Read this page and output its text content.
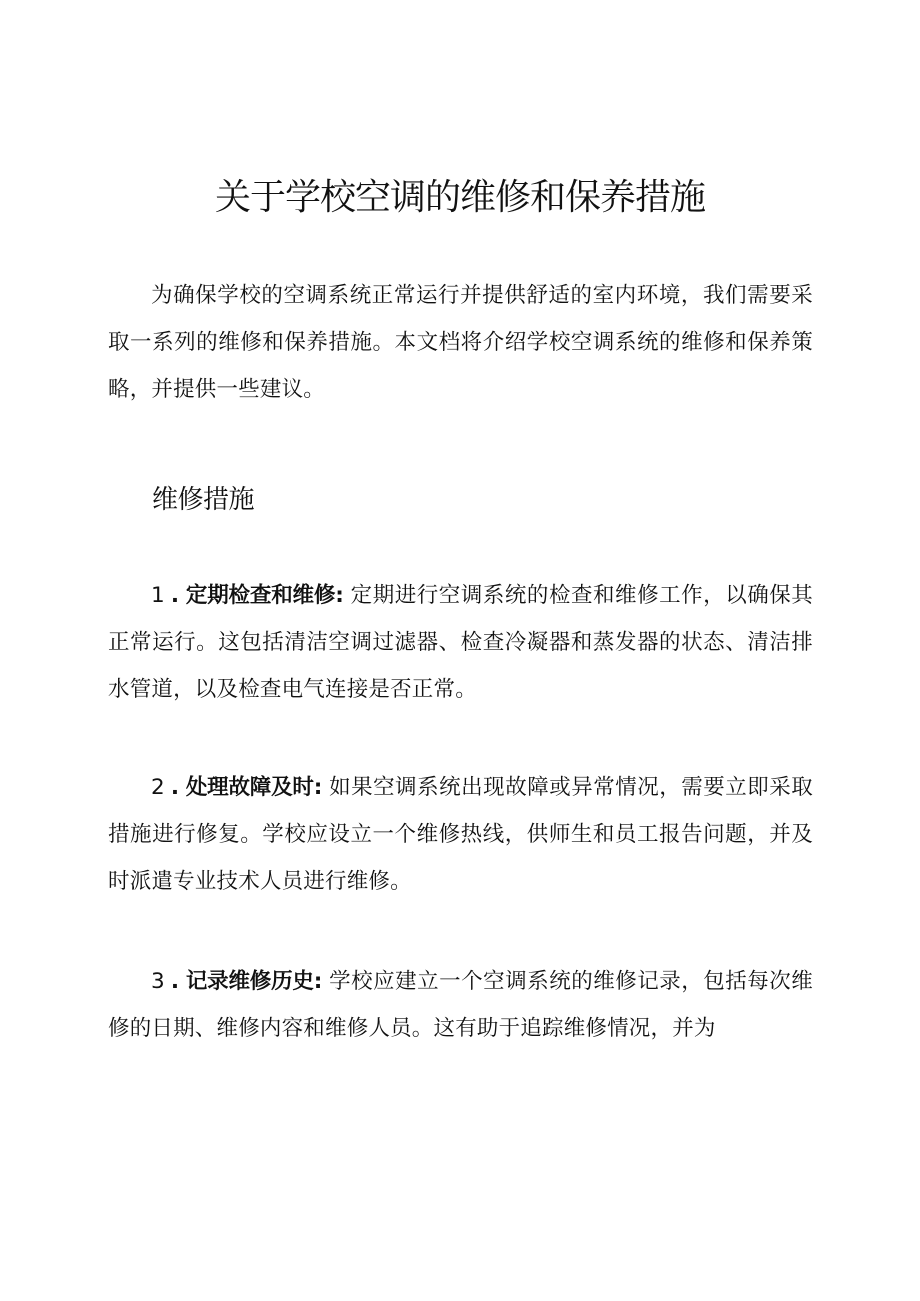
关于学校空调的维修和保养措施

为确保学校的空调系统正常运行并提供舒适的室内环境，我们需要采取一系列的维修和保养措施。本文档将介绍学校空调系统的维修和保养策略，并提供一些建议。

维修措施

1 . 定期检查和维修: 定期进行空调系统的检查和维修工作，以确保其正常运行。这包括清洁空调过滤器、检查冷凝器和蒸发器的状态、清洁排水管道，以及检查电气连接是否正常。

2 . 处理故障及时: 如果空调系统出现故障或异常情况，需要立即采取措施进行修复。学校应设立一个维修热线，供师生和员工报告问题，并及时派遣专业技术人员进行维修。

3 . 记录维修历史: 学校应建立一个空调系统的维修记录，包括每次维修的日期、维修内容和维修人员。这有助于追踪维修情况，并为
